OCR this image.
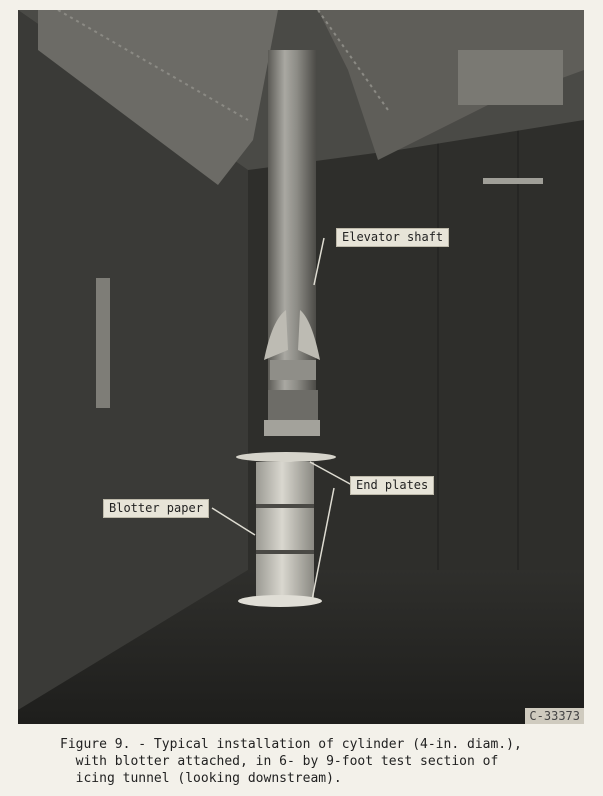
Elevator shaft
End plates
Blotter paper
C-33373
Figure 9. - Typical installation of cylinder (4-in. diam.),
with blotter attached, in 6- by 9-foot test section of
icing tunnel (looking downstream).
